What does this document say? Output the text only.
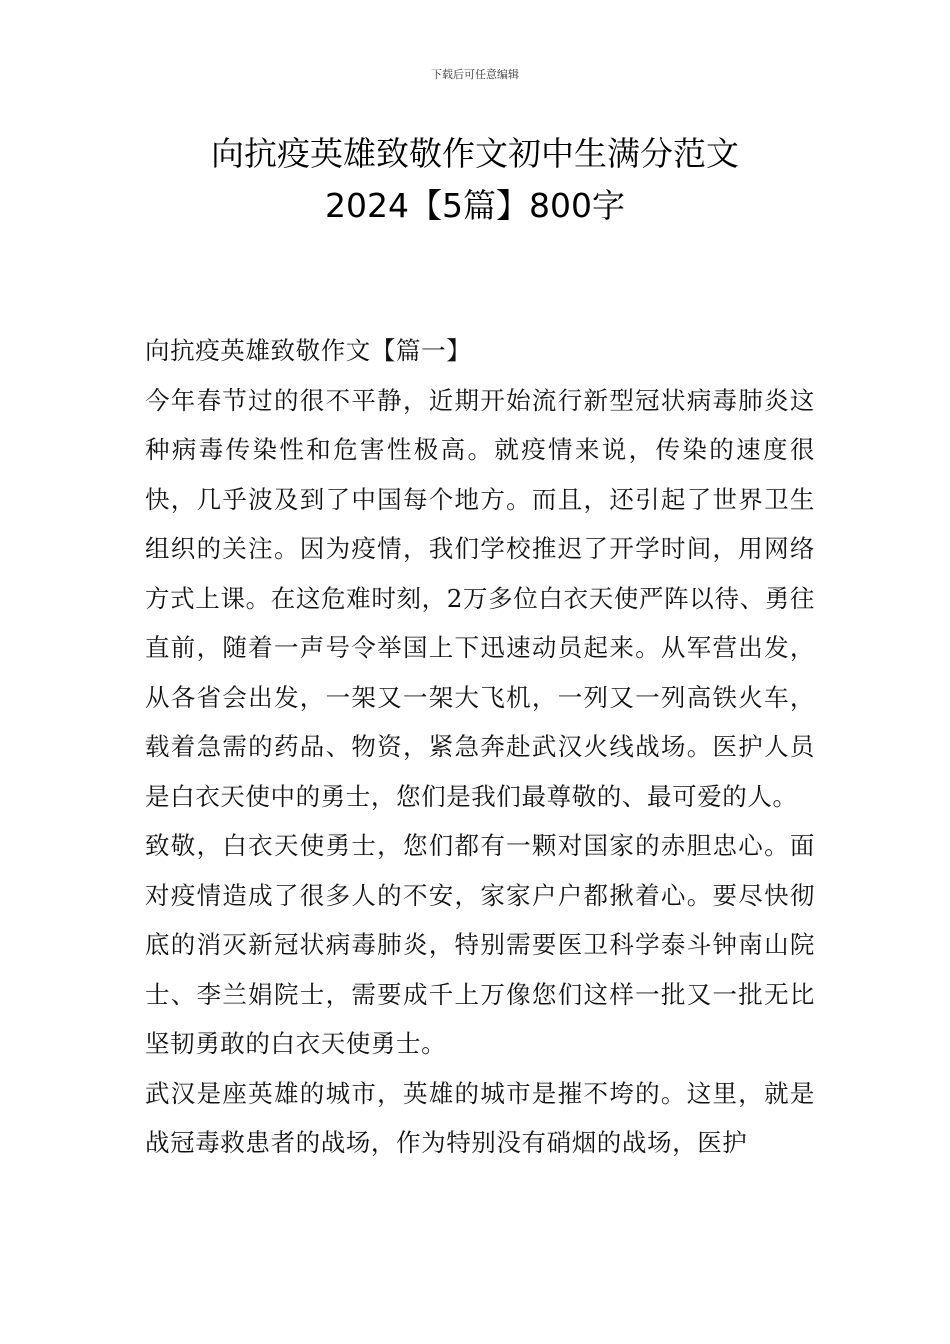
下载后可任意编辑
向抗疫英雄致敬作文初中生满分范文
2024【5篇】800字

向抗疫英雄致敬作文【篇一】

今年春节过的很不平静，近期开始流行新型冠状病毒肺炎这种病毒传染性和危害性极高。就疫情来说，传染的速度很快，几乎波及到了中国每个地方。而且，还引起了世界卫生组织的关注。因为疫情，我们学校推迟了开学时间，用网络方式上课。在这危难时刻，2万多位白衣天使严阵以待、勇往直前，随着一声号令举国上下迅速动员起来。从军营出发，从各省会出发，一架又一架大飞机，一列又一列高铁火车，载着急需的药品、物资，紧急奔赴武汉火线战场。医护人员是白衣天使中的勇士，您们是我们最尊敬的、最可爱的人。

致敬，白衣天使勇士，您们都有一颗对国家的赤胆忠心。面对疫情造成了很多人的不安，家家户户都揪着心。要尽快彻底的消灭新冠状病毒肺炎，特别需要医卫科学泰斗钟南山院士、李兰娟院士，需要成千上万像您们这样一批又一批无比坚韧勇敢的白衣天使勇士。

武汉是座英雄的城市，英雄的城市是摧不垮的。这里，就是战冠毒救患者的战场，作为特别没有硝烟的战场，医护
